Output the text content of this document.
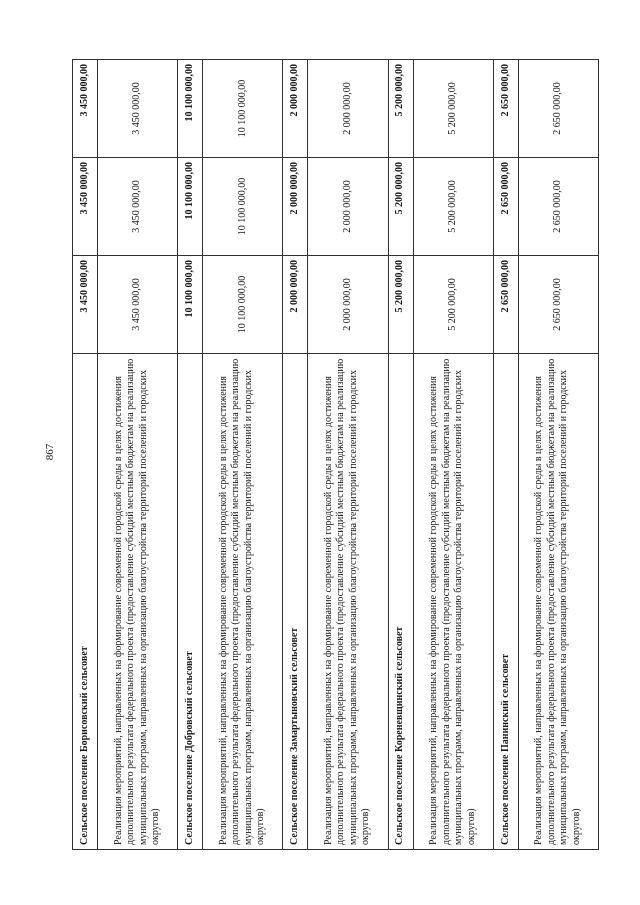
867
Сельское поселение Борисовский сельсовет	3 450 000,00	3 450 000,00	3 450 000,00
Реализация мероприятий, направленных на формирование современной городской среды в целях достижения дополнительного результата федерального проекта (предоставление субсидий местным бюджетам на реализацию муниципальных программ, направленных на организацию благоустройства территорий поселений и городских округов)	3 450 000,00	3 450 000,00	3 450 000,00
Сельское поселение Добровский сельсовет	10 100 000,00	10 100 000,00	10 100 000,00
Реализация мероприятий, направленных на формирование современной городской среды в целях достижения дополнительного результата федерального проекта (предоставление субсидий местным бюджетам на реализацию муниципальных программ, направленных на организацию благоустройства территорий поселений и городских округов)	10 100 000,00	10 100 000,00	10 100 000,00
Сельское поселение Замартыновский сельсовет	2 000 000,00	2 000 000,00	2 000 000,00
Реализация мероприятий, направленных на формирование современной городской среды в целях достижения дополнительного результата федерального проекта (предоставление субсидий местным бюджетам на реализацию муниципальных программ, направленных на организацию благоустройства территорий поселений и городских округов)	2 000 000,00	2 000 000,00	2 000 000,00
Сельское поселение Кореневщинский сельсовет	5 200 000,00	5 200 000,00	5 200 000,00
Реализация мероприятий, направленных на формирование современной городской среды в целях достижения дополнительного результата федерального проекта (предоставление субсидий местным бюджетам на реализацию муниципальных программ, направленных на организацию благоустройства территорий поселений и городских округов)	5 200 000,00	5 200 000,00	5 200 000,00
Сельское поселение Панинский сельсовет	2 650 000,00	2 650 000,00	2 650 000,00
Реализация мероприятий, направленных на формирование современной городской среды в целях достижения дополнительного результата федерального проекта (предоставление субсидий местным бюджетам на реализацию муниципальных программ, направленных на организацию благоустройства территорий поселений и городских округов)	2 650 000,00	2 650 000,00	2 650 000,00
